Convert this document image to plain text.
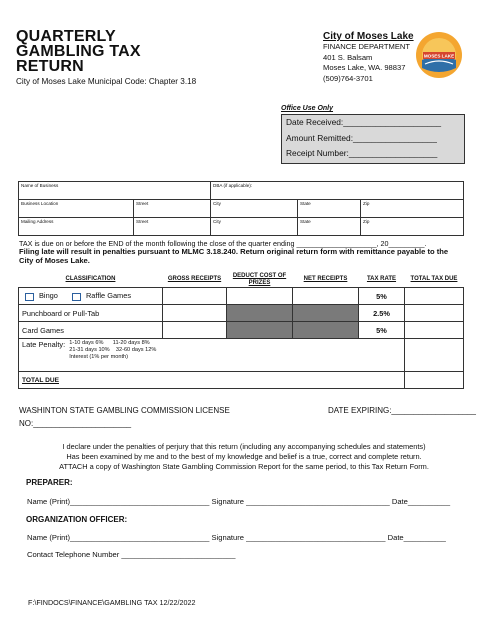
QUARTERLY
GAMBLING TAX
RETURN
City of Moses Lake Municipal Code: Chapter 3.18
City of Moses Lake
FINANCE DEPARTMENT
401 S. Balsam
Moses Lake, WA. 98837
(509)764-3701
MOSES LAKE
Office Use Only
Date Received:_____________________
Amount Remitted:__________________
Receipt Number:___________________
Name of Business		DBA (if applicable):		
Business Location	Street	City	State	Zip
Mailing Address	Street	City	State	Zip
TAX is due on or before the END of the month following the close of the quarter ending ____________________, 20_________.
Filing late will result in penalties pursuant to MLMC 3.18.240. Return original return form with remittance payable to the City of Moses Lake.
CLASSIFICATION	GROSS RECEIPTS	DEDUCT COST OF PRIZES	NET RECEIPTS	TAX RATE	TOTAL TAX DUE
Bingo Raffle Games				5%	
Punchboard or Pull-Tab				2.5%	
Card Games				5%	
Late Penalty: 1-10 days 6%      11-20 days 8%
21-31 days 10%    32-60 days 12%
Interest (1% per month)					
TOTAL DUE					
WASHINTON STATE GAMBLING COMMISSION LICENSE	DATE EXPIRING:___________________
NO:______________________
I declare under the penalties of perjury that this return (including any accompanying schedules and statements)
Has been examined by me and to the best of my knowledge and belief is a true, correct and complete return.
ATTACH a copy of Washington State Gambling Commission Report for the same period, to this Tax Return Form.
PREPARER:
Name (Print)_________________________________ Signature __________________________________ Date__________
ORGANIZATION OFFICER:
Name (Print)_________________________________ Signature _________________________________ Date__________
Contact Telephone Number ___________________________
F:\FINDOCS\FINANCE\GAMBLING TAX 12/22/2022
